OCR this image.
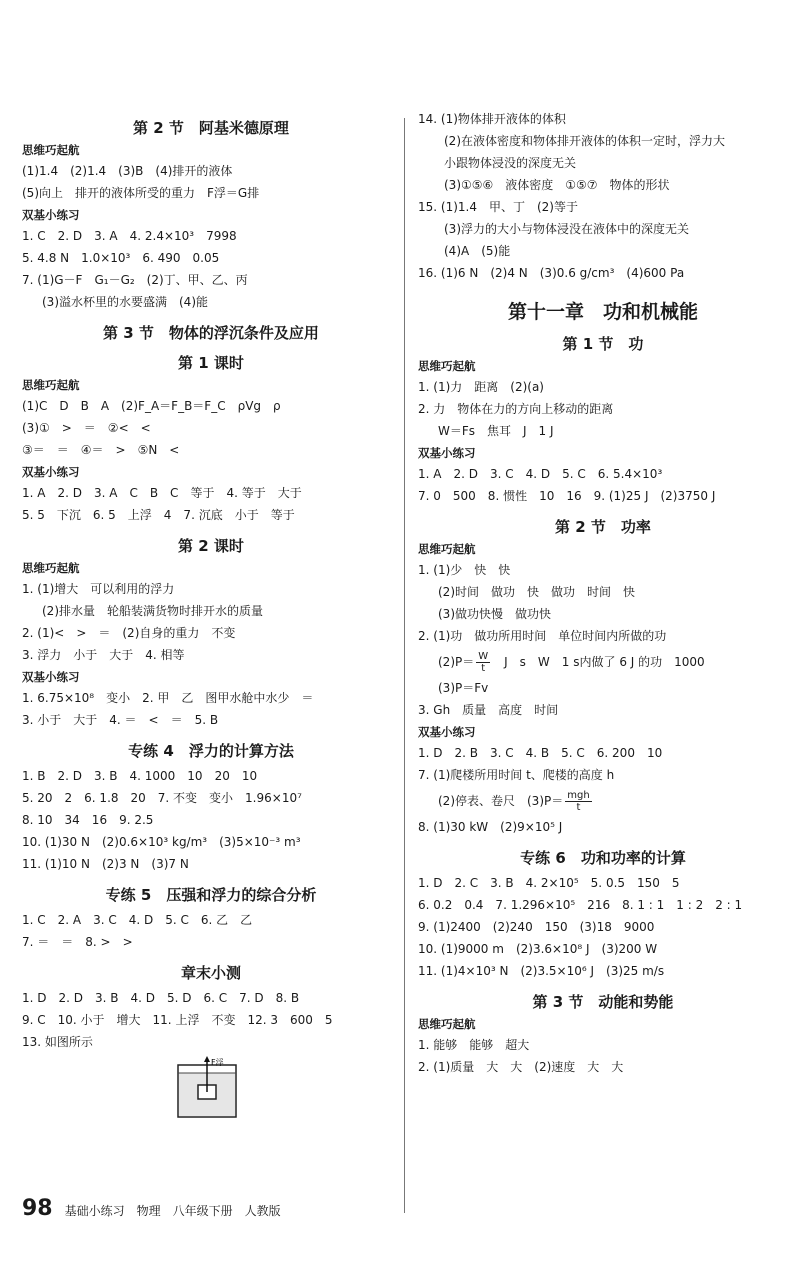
第 2 节　阿基米德原理
思维巧起航
(1)1.4　(2)1.4　(3)B　(4)排开的液体
(5)向上　排开的液体所受的重力　F浮＝G排
双基小练习
1. C　2. D　3. A　4. 2.4×10³　7998
5. 4.8 N　1.0×10³　6. 490　0.05
7. (1)G－F　G₁－G₂　(2)丁、甲、乙、丙
(3)溢水杯里的水要盛满　(4)能
第 3 节　物体的浮沉条件及应用
第 1 课时
思维巧起航
(1)C　D　B　A　(2)F_A＝F_B＝F_C　ρVg　ρ
(3)①　>　＝　②<　<
③＝　＝　④＝　>　⑤N　<
双基小练习
1. A　2. D　3. A　C　B　C　等于　4. 等于　大于
5. 5　下沉　6. 5　上浮　4　7. 沉底　小于　等于
第 2 课时
思维巧起航
1. (1)增大　可以利用的浮力
(2)排水量　轮船装满货物时排开水的质量
2. (1)<　>　＝　(2)自身的重力　不变
3. 浮力　小于　大于　4. 相等
双基小练习
1. 6.75×10⁸　变小　2. 甲　乙　图甲水舱中水少　＝
3. 小于　大于　4. ＝　<　＝　5. B
专练 4　浮力的计算方法
1. B　2. D　3. B　4. 1000　10　20　10
5. 20　2　6. 1.8　20　7. 不变　变小　1.96×10⁷
8. 10　34　16　9. 2.5
10. (1)30 N　(2)0.6×10³ kg/m³　(3)5×10⁻³ m³
11. (1)10 N　(2)3 N　(3)7 N
专练 5　压强和浮力的综合分析
1. C　2. A　3. C　4. D　5. C　6. 乙　乙
7. ＝　＝　8. >　>
章末小测
1. D　2. D　3. B　4. D　5. D　6. C　7. D　8. B
9. C　10. 小于　增大　11. 上浮　不变　12. 3　600　5
13. 如图所示
F浮
14. (1)物体排开液体的体积
(2)在液体密度和物体排开液体的体积一定时，浮力大
小跟物体浸没的深度无关
(3)①⑤⑥　液体密度　①⑤⑦　物体的形状
15. (1)1.4　甲、丁　(2)等于
(3)浮力的大小与物体浸没在液体中的深度无关
(4)A　(5)能
16. (1)6 N　(2)4 N　(3)0.6 g/cm³　(4)600 Pa
第十一章　功和机械能
第 1 节　功
思维巧起航
1. (1)力　距离　(2)(a)
2. 力　物体在力的方向上移动的距离
W＝Fs　焦耳　J　1 J
双基小练习
1. A　2. D　3. C　4. D　5. C　6. 5.4×10³
7. 0　500　8. 惯性　10　16　9. (1)25 J　(2)3750 J
第 2 节　功率
思维巧起航
1. (1)少　快　快
(2)时间　做功　快　做功　时间　快
(3)做功快慢　做功快
2. (1)功　做功所用时间　单位时间内所做的功
$(2)P= \frac{W}{t}$ 　J　s　W　1 s内做了 6 J 的功　1000
(3)P＝Fv
3. Gh　质量　高度　时间
双基小练习
1. D　2. B　3. C　4. B　5. C　6. 200　10
7. (1)爬楼所用时间 t、爬楼的高度 h
(2)停表、卷尺　$(3)P= \frac{\text{mgh}}{t}$
8. (1)30 kW　(2)9×10⁵ J
专练 6　功和功率的计算
1. D　2. C　3. B　4. 2×10⁵　5. 0.5　150　5
6. 0.2　0.4　7. 1.296×10⁵　216　8. 1 : 1　1 : 2　2 : 1
9. (1)2400　(2)240　150　(3)18　9000
10. (1)9000 m　(2)3.6×10⁸ J　(3)200 W
11. (1)4×10³ N　(2)3.5×10⁶ J　(3)25 m/s
第 3 节　动能和势能
思维巧起航
1. 能够　能够　超大
2. (1)质量　大　大　(2)速度　大　大
98 基础小练习　物理　八年级下册　人教版
